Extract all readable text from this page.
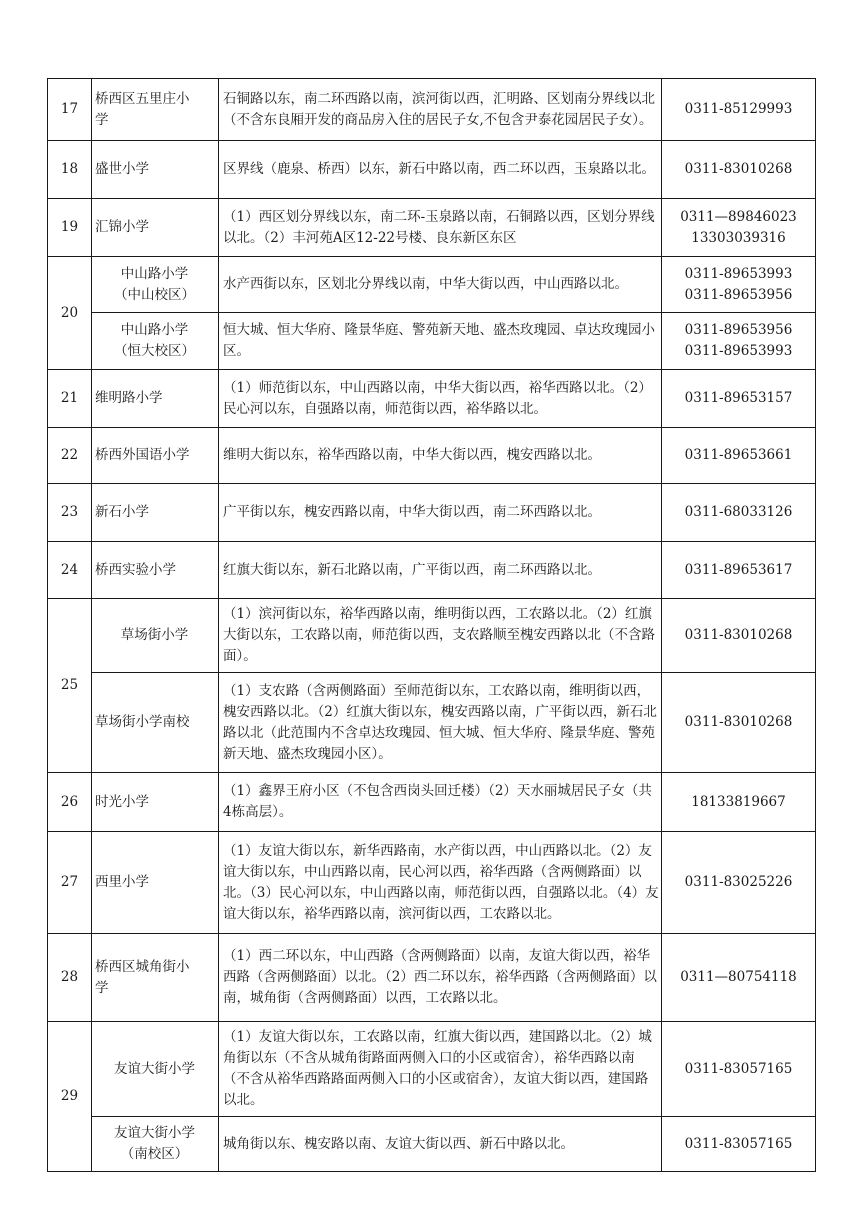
17	桥西区五里庄小
学	石铜路以东，南二环西路以南，滨河街以西，汇明路、区划南分界线以北（不含东良厢开发的商品房入住的居民子女,不包含尹泰花园居民子女）。	0311-85129993

18	盛世小学	区界线（鹿泉、桥西）以东，新石中路以南，西二环以西，玉泉路以北。	0311-83010268

19	汇锦小学	（1）西区划分界线以东，南二环-玉泉路以南，石铜路以西，区划分界线以北。（2）丰河苑A区12-22号楼、良东新区东区	0311—89846023
13303039316

20	中山路小学
（中山校区）	水产西街以东，区划北分界线以南，中华大街以西，中山西路以北。	0311-89653993
0311-89653956

	中山路小学
（恒大校区）	恒大城、恒大华府、隆景华庭、警苑新天地、盛杰玫瑰园、卓达玫瑰园小区。	0311-89653956
0311-89653993

21	维明路小学	（1）师范街以东，中山西路以南，中华大街以西，裕华西路以北。（2）民心河以东，自强路以南，师范街以西，裕华路以北。	0311-89653157

22	桥西外国语小学	维明大街以东，裕华西路以南，中华大街以西，槐安西路以北。	0311-89653661

23	新石小学	广平街以东，槐安西路以南，中华大街以西，南二环西路以北。	0311-68033126

24	桥西实验小学	红旗大街以东，新石北路以南，广平街以西，南二环西路以北。	0311-89653617

25	草场街小学	（1）滨河街以东，裕华西路以南，维明街以西，工农路以北。（2）红旗大街以东，工农路以南，师范街以西，支农路顺至槐安西路以北（不含路面）。	0311-83010268

	草场街小学南校	（1）支农路（含两侧路面）至师范街以东，工农路以南，维明街以西，槐安西路以北。（2）红旗大街以东，槐安西路以南，广平街以西，新石北路以北（此范围内不含卓达玫瑰园、恒大城、恒大华府、隆景华庭、警苑新天地、盛杰玫瑰园小区）。	0311-83010268

26	时光小学	（1）鑫界王府小区（不包含西岗头回迁楼）（2）天水丽城居民子女（共4栋高层）。	18133819667

27	西里小学	（1）友谊大街以东，新华西路南，水产街以西，中山西路以北。（2）友谊大街以东，中山西路以南，民心河以西，裕华西路（含两侧路面）以北。（3）民心河以东，中山西路以南，师范街以西，自强路以北。（4）友谊大街以东，裕华西路以南，滨河街以西，工农路以北。	0311-83025226

28	桥西区城角街小
学	（1）西二环以东，中山西路（含两侧路面）以南，友谊大街以西，裕华西路（含两侧路面）以北。（2）西二环以东，裕华西路（含两侧路面）以南，城角街（含两侧路面）以西，工农路以北。	0311—80754118

29	友谊大街小学	（1）友谊大街以东，工农路以南，红旗大街以西，建国路以北。（2）城角街以东（不含从城角街路面两侧入口的小区或宿舍），裕华西路以南（不含从裕华西路路面两侧入口的小区或宿舍），友谊大街以西，建国路以北。	0311-83057165

	友谊大街小学
（南校区）	城角街以东、槐安路以南、友谊大街以西、新石中路以北。	0311-83057165
